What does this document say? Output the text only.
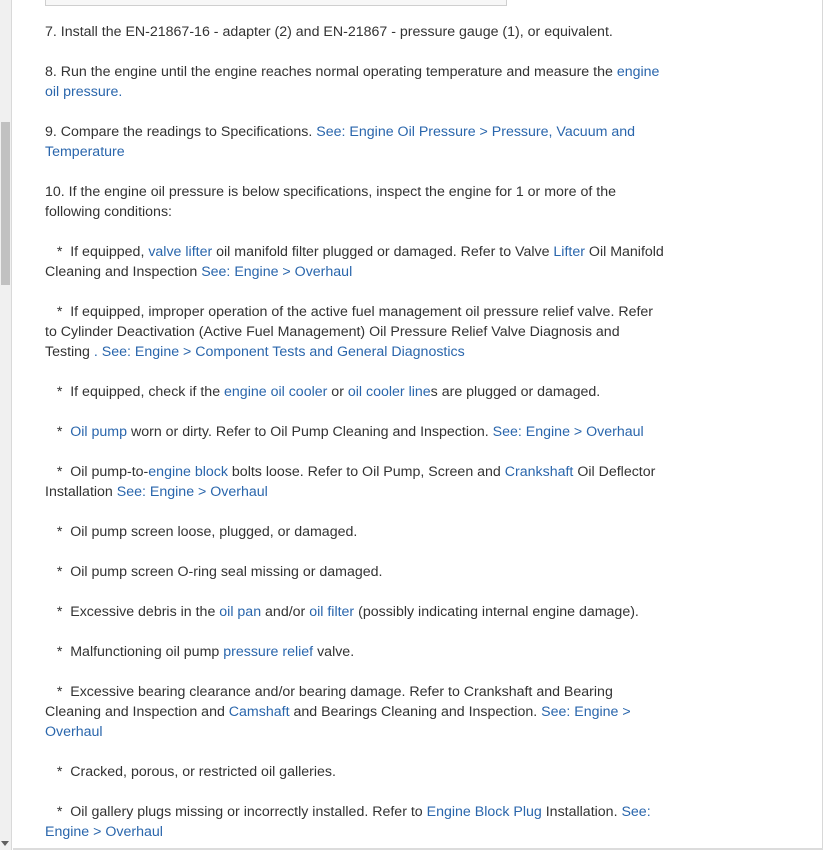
7. Install the EN-21867-16 - adapter (2) and EN-21867 - pressure gauge (1), or equivalent.
8. Run the engine until the engine reaches normal operating temperature and measure the engine oil pressure.
9. Compare the readings to Specifications. See: Engine Oil Pressure > Pressure, Vacuum and Temperature
10. If the engine oil pressure is below specifications, inspect the engine for 1 or more of the following conditions:
*  If equipped, valve lifter oil manifold filter plugged or damaged. Refer to Valve Lifter Oil Manifold Cleaning and Inspection See: Engine > Overhaul
*  If equipped, improper operation of the active fuel management oil pressure relief valve. Refer to Cylinder Deactivation (Active Fuel Management) Oil Pressure Relief Valve Diagnosis and Testing . See: Engine > Component Tests and General Diagnostics
*  If equipped, check if the engine oil cooler or oil cooler lines are plugged or damaged.
*  Oil pump worn or dirty. Refer to Oil Pump Cleaning and Inspection. See: Engine > Overhaul
*  Oil pump-to-engine block bolts loose. Refer to Oil Pump, Screen and Crankshaft Oil Deflector Installation See: Engine > Overhaul
*  Oil pump screen loose, plugged, or damaged.
*  Oil pump screen O-ring seal missing or damaged.
*  Excessive debris in the oil pan and/or oil filter (possibly indicating internal engine damage).
*  Malfunctioning oil pump pressure relief valve.
*  Excessive bearing clearance and/or bearing damage. Refer to Crankshaft and Bearing Cleaning and Inspection and Camshaft and Bearings Cleaning and Inspection. See: Engine > Overhaul
*  Cracked, porous, or restricted oil galleries.
*  Oil gallery plugs missing or incorrectly installed. Refer to Engine Block Plug Installation. See: Engine > Overhaul
